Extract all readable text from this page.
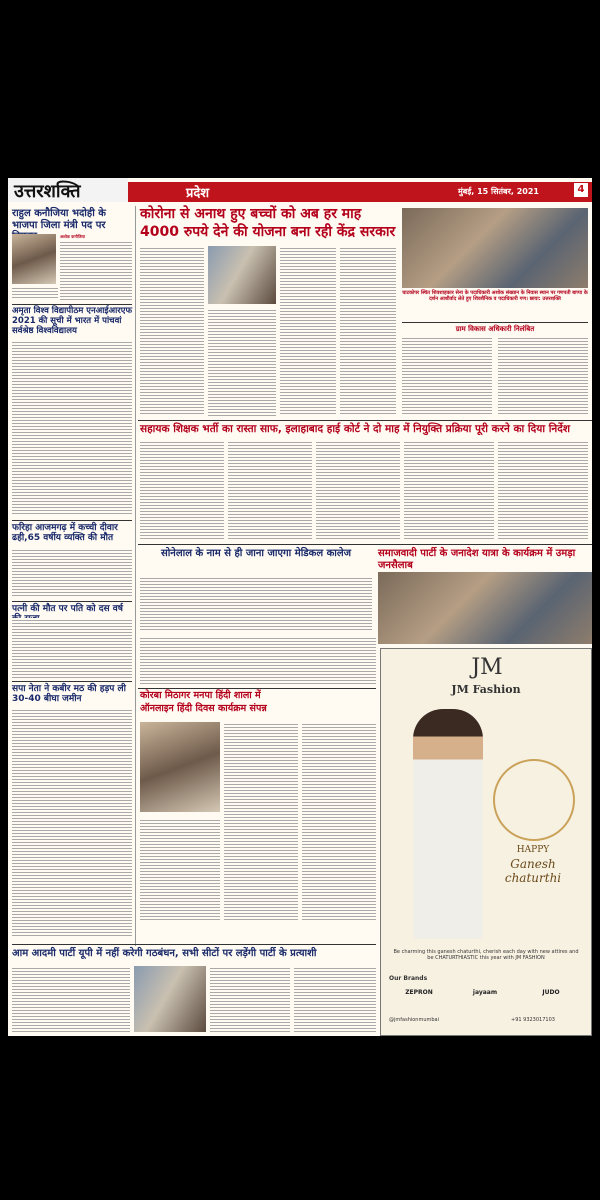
उत्तरशक्ति	प्रदेश	मुंबई, 15 सितंबर, 2021	4
राहुल कनौजिया भदोही के भाजपा जिला मंत्री पद पर
अशोक कनौजिया
अमृता विश्व विद्यापीठम एनआईआरएफ 2021 की सूची में भारत में पांचवां सर्वश्रेष्ठ विश्वविद्यालय
फरिहा आजमगढ़ में कच्ची दीवार ढही,65 वर्षीय व्यक्ति की मौत
पत्नी की मौत पर पति को दस वर्ष
सपा नेता ने कबीर मठ की हड़प ली 30-40 बीघा जमीन
कोरोना से अनाथ हुए बच्चों को अब हर माह
4000 रुपये देने की योजना बना रही केंद्र सरकार
घाटकोपर स्थित शिवशाहकार सेना के पदाधिकारी अशोक संख्यान के निवास स्थान पर गणपती बाप्पा के दर्शन आशीर्वाद लेते हुए शिवशैनिक व पदाधिकारी गण। छाया: उत्तरशक्ति
ग्राम विकास अधिकारी निलंबित
सहायक शिक्षक भर्ती का रास्ता साफ, इलाहाबाद हाई कोर्ट ने दो माह में नियुक्ति प्रक्रिया पूरी करने का दिया निर्देश
सोनेलाल के नाम से ही जाना जाएगा मेडिकल कालेज	समाजवादी पार्टी के जनादेश यात्रा के कार्यक्रम में उमड़ा जनसैलाब
कोरबा मिठागर मनपा हिंदी शाला में
ऑनलाइन हिंदी दिवस कार्यक्रम संपन्न
आम आदमी पार्टी यूपी में नहीं करेगी गठबंधन, सभी सीटों पर लड़ेंगी पार्टी के प्रत्याशी
JM
JM Fashion
HAPPY
Ganesh chaturthi
Be charming this ganesh chaturthi, cherish each day with new attires and be CHATURTHIASTIC this year with JM FASHION
Our Brands
ZEPRON	jayaam	JUDO
@jmfashionmumbai	+91 9323017103
